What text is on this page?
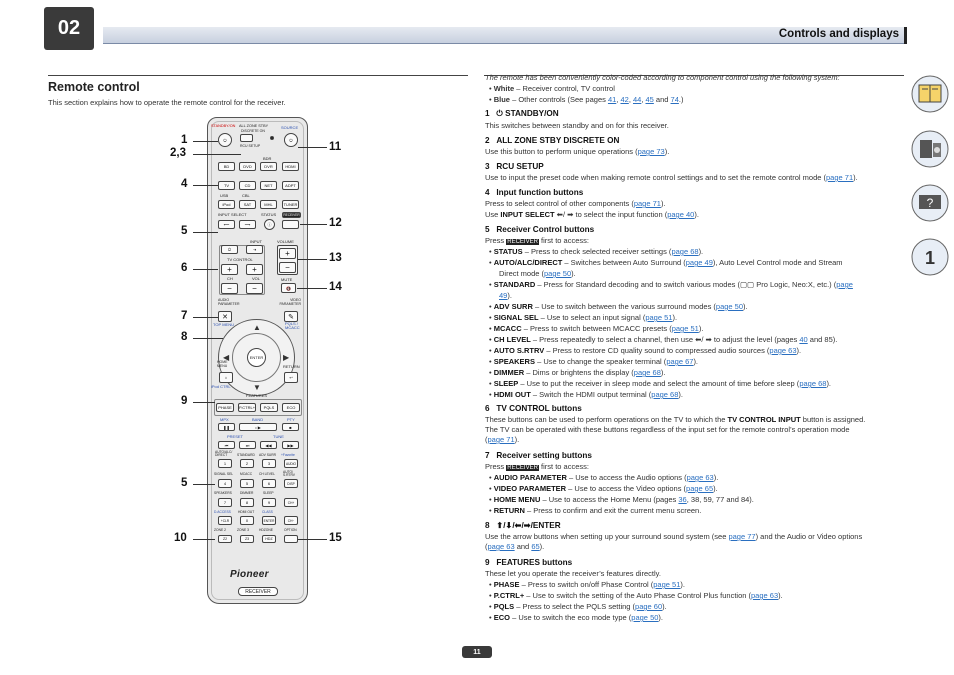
02	Controls and displays
Remote control
This section explains how to operate the remote control for the receiver.
STANDBY/ON ALL ZONE STBY
DISCRETE ON
SOURCE
⏻
RCU SETUP
⏻
BDR
BD	DVD	DVR	HDMI
TV	CD	NET	ADPT
USB	CBL
iPod	SAT	MHL	TUNER
INPUT SELECT	STATUS	RECEIVER
⟵	⟶	ⓘ
INPUT	VOLUME
⏻	⇥
TV CONTROL
+	+
CH	VOL
−	−
+
−
MUTE
🔇
AUDIO PARAMETER
VIDEO PARAMETER
✕	✎
TOP MENU	PQLS / MCACC
▲
▼
◀	▶
ENTER
HOME MENU	RETURN
⌂	↩
iPod CTRL
FEATURES
PHASE	P.CTRL+	PQLS	ECO
MPX	BAND	PTY
❚❚	• ▶	■
PRESET	TUNE
⏮	⏭	◀◀	▶▶
AUTO/ALC/ DIRECT	STANDARD ADV SURR +Favorite
1	2	3	AUDIO
SIGNAL SEL MCACC CH LEVEL AUTO/ S.RTRV
4	5	6	DISP
SPEAKERS DIMMER	SLEEP
7	8	9	CH+
D.ACCESS HDMI OUT CLASS
+CLR	0	ENTER	CH−
ZONE 2	ZONE 3	HDZONE	OPTION
Z2	Z3	HDZ
Pioneer
RECEIVER
1
2,3
4
5
6
7
8
9
5
10
11
12
13
14
15
The remote has been conveniently color-coded according to component control using the following system:
• White – Receiver control, TV control
• Blue – Other controls (See pages 41, 42, 44, 45 and 74.)
1   ⏻ STANDBY/ON
This switches between standby and on for this receiver.
2 ALL ZONE STBY DISCRETE ON
Use this button to perform unique operations (page 73).
3 RCU SETUP
Use to input the preset code when making remote control settings and to set the remote control mode (page 71).
4 Input function buttons
Press to select control of other components (page 71).
Use INPUT SELECT ⬅/ ➡ to select the input function (page 40).
5 Receiver Control buttons
Press RECEIVER first to access:
• STATUS – Press to check selected receiver settings (page 68).
• AUTO/ALC/DIRECT – Switches between Auto Surround (page 49), Auto Level Control mode and Stream
Direct mode (page 50).
• STANDARD – Press for Standard decoding and to switch various modes (▢▢ Pro Logic, Neo:X, etc.) (page
49).
• ADV SURR – Use to switch between the various surround modes (page 50).
• SIGNAL SEL – Use to select an input signal (page 51).
• MCACC – Press to switch between MCACC presets (page 51).
• CH LEVEL – Press repeatedly to select a channel, then use ⬅/ ➡ to adjust the level (pages 40 and 85).
• AUTO S.RTRV – Press to restore CD quality sound to compressed audio sources (page 63).
• SPEAKERS – Use to change the speaker terminal (page 67).
• DIMMER – Dims or brightens the display (page 68).
• SLEEP – Use to put the receiver in sleep mode and select the amount of time before sleep (page 68).
• HDMI OUT – Switch the HDMI output terminal (page 68).
6 TV CONTROL buttons
These buttons can be used to perform operations on the TV to which the TV CONTROL INPUT button is assigned.
The TV can be operated with these buttons regardless of the input set for the remote control’s operation mode
(page 71).
7 Receiver setting buttons
Press RECEIVER first to access:
• AUDIO PARAMETER – Use to access the Audio options (page 63).
• VIDEO PARAMETER – Use to access the Video options (page 65).
• HOME MENU – Use to access the Home Menu (pages 36, 38, 59, 77 and 84).
• RETURN – Press to confirm and exit the current menu screen.
8 ⬆/⬇/⬅/➡/ENTER
Use the arrow buttons when setting up your surround sound system (see page 77) and the Audio or Video options
(page 63 and 65).
9 FEATURES buttons
These let you operate the receiver’s features directly.
• PHASE – Press to switch on/off Phase Control (page 51).
• P.CTRL+ – Use to switch the setting of the Auto Phase Control Plus function (page 63).
• PQLS – Press to select the PQLS setting (page 60).
• ECO – Use to switch the eco mode type (page 50).
?
1
11
